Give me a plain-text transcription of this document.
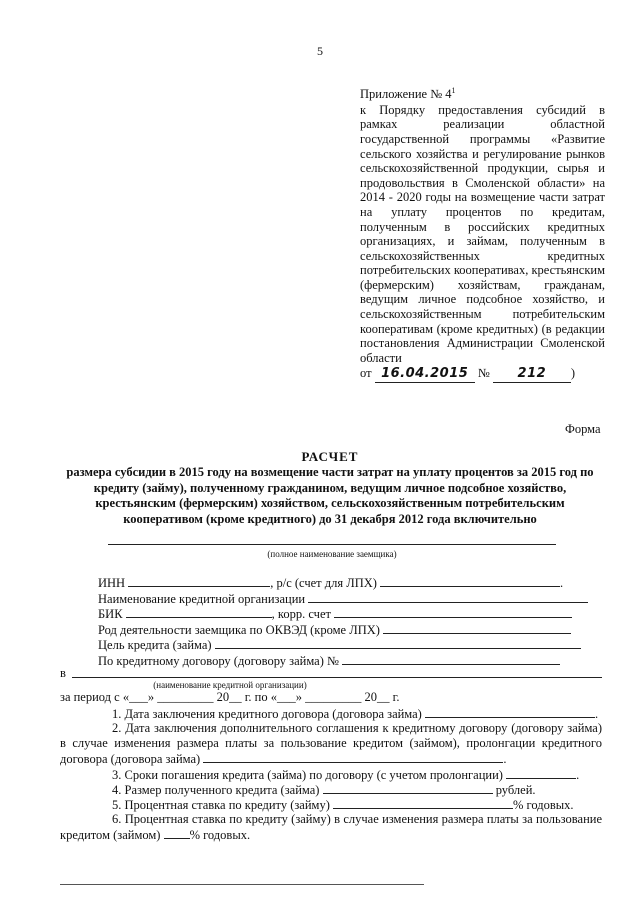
5
Приложение № $4^1$
к Порядку предоставления субсидий в рамках реализации областной государственной программы «Развитие сельского хозяйства и регулирование рынков сельскохозяйственной продукции, сырья и продовольствия в Смоленской области» на 2014 - 2020 годы на возмещение части затрат на уплату процентов по кредитам, полученным в российских кредитных организациях, и займам, полученным в сельскохозяйственных кредитных потребительских кооперативах, крестьянским (фермерским) хозяйствам, гражданам, ведущим личное подсобное хозяйство, и сельскохозяйственным потребительским кооперативам (кроме кредитных) (в редакции постановления Администрации Смоленской области
от 16.04.2015 № 212 )
Форма
РАСЧЕТ
размера субсидии в 2015 году на возмещение части затрат на уплату процентов за 2015 год по кредиту (займу), полученному гражданином, ведущим личное подсобное хозяйство, крестьянским (фермерским) хозяйством, сельскохозяйственным потребительским кооперативом (кроме кредитного) до 31 декабря 2012 года включительно
(полное наименование заемщика)
ИНН	, р/с (счет для ЛПХ)	.
Наименование кредитной организации
БИК	, корр. счет
Род деятельности заемщика по ОКВЭД (кроме ЛПХ)
Цель кредита (займа)
По кредитному договору (договору займа) №
в
(наименование кредитной организации)
за период с «___» _________ 20__ г. по «___» _________ 20__ г.
1. Дата заключения кредитного договора (договора займа)	.
2. Дата заключения дополнительного соглашения к кредитному договору (договору займа) в случае изменения размера платы за пользование кредитом (займом), пролонгации кредитного договора (договора займа)	.
3. Сроки погашения кредита (займа) по договору (с учетом пролонгации)	.
4. Размер полученного кредита (займа)	рублей.
5. Процентная ставка по кредиту (займу)	% годовых.
6. Процентная ставка по кредиту (займу) в случае изменения размера платы за пользование кредитом (займом) % годовых.
